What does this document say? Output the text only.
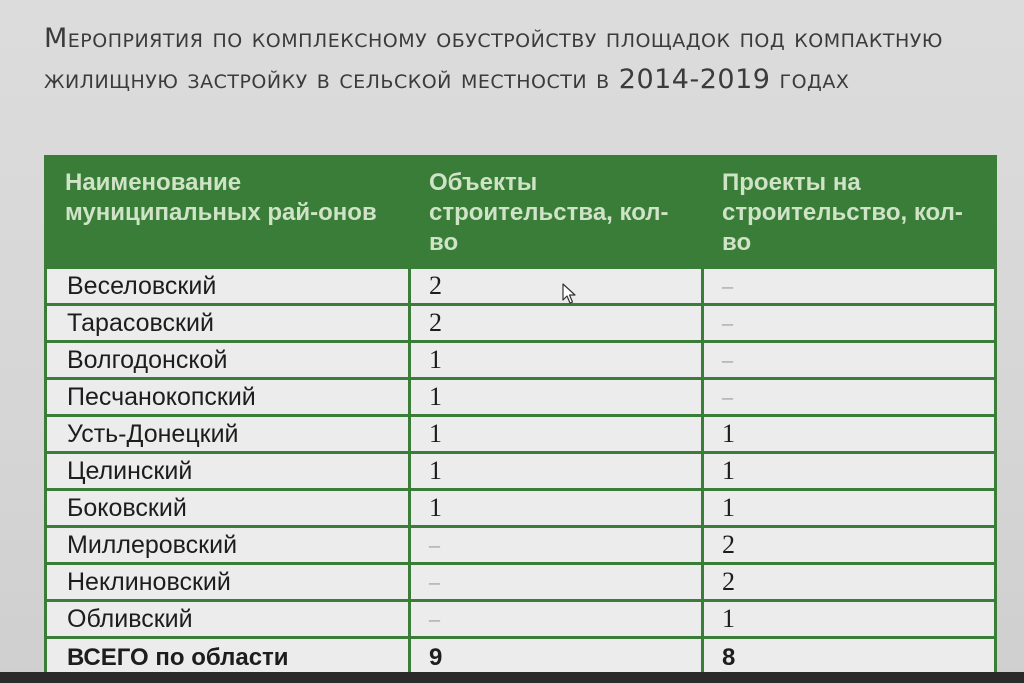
Мероприятия по комплексному обустройству площадок под компактную жилищную застройку в сельской местности в 2014-2019 годах
Наименование муниципальных рай-онов	Объекты строительства, кол-во	Проекты на строительство, кол-во
Веселовский	2	–
Тарасовский	2	–
Волгодонской	1	–
Песчанокопский	1	–
Усть-Донецкий	1	1
Целинский	1	1
Боковский	1	1
Миллеровский	–	2
Неклиновский	–	2
Обливский	–	1
ВСЕГО по области	9	8
